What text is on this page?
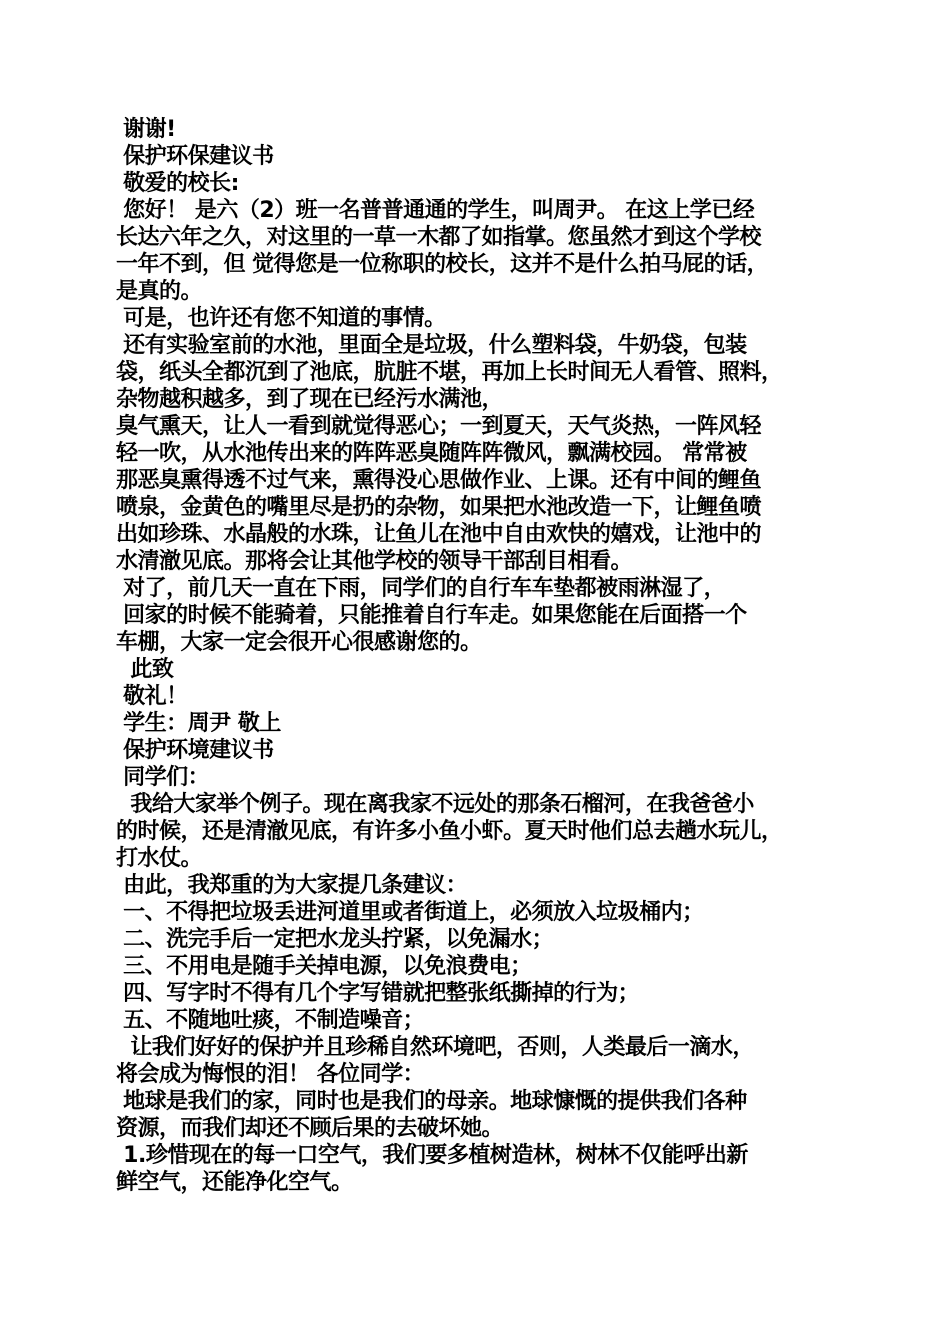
谢谢!
保护环保建议书
敬爱的校长:
您好！ 是六（2）班一名普普通通的学生，叫周尹。 在这上学已经
长达六年之久，对这里的一草一木都了如指掌。您虽然才到这个学校
一年不到，但 觉得您是一位称职的校长，这并不是什么拍马屁的话，
是真的。
可是，也许还有您不知道的事情。
还有实验室前的水池，里面全是垃圾，什么塑料袋，牛奶袋，包装
袋，纸头全都沉到了池底，肮脏不堪，再加上长时间无人看管、照料，
杂物越积越多，到了现在已经污水满池，
臭气熏天，让人一看到就觉得恶心；一到夏天，天气炎热，一阵风轻
轻一吹，从水池传出来的阵阵恶臭随阵阵微风，飘满校园。 常常被
那恶臭熏得透不过气来，熏得没心思做作业、上课。还有中间的鲤鱼
喷泉，金黄色的嘴里尽是扔的杂物，如果把水池改造一下，让鲤鱼喷
出如珍珠、水晶般的水珠，让鱼儿在池中自由欢快的嬉戏，让池中的
水清澈见底。那将会让其他学校的领导干部刮目相看。
对了，前几天一直在下雨，同学们的自行车车垫都被雨淋湿了，
回家的时候不能骑着，只能推着自行车走。如果您能在后面搭一个
车棚，大家一定会很开心很感谢您的。
此致
敬礼！
学生：周尹 敬上
保护环境建议书
同学们：
我给大家举个例子。现在离我家不远处的那条石榴河，在我爸爸小
的时候，还是清澈见底，有许多小鱼小虾。夏天时他们总去趟水玩儿，
打水仗。
由此，我郑重的为大家提几条建议：
一、不得把垃圾丢进河道里或者街道上，必须放入垃圾桶内；
二、洗完手后一定把水龙头拧紧，以免漏水；
三、不用电是随手关掉电源，以免浪费电；
四、写字时不得有几个字写错就把整张纸撕掉的行为；
五、不随地吐痰，不制造噪音；
让我们好好的保护并且珍稀自然环境吧，否则，人类最后一滴水，
将会成为悔恨的泪！ 各位同学：
地球是我们的家，同时也是我们的母亲。地球慷慨的提供我们各种
资源，而我们却还不顾后果的去破坏她。
1.珍惜现在的每一口空气，我们要多植树造林，树林不仅能呼出新
鲜空气，还能净化空气。
